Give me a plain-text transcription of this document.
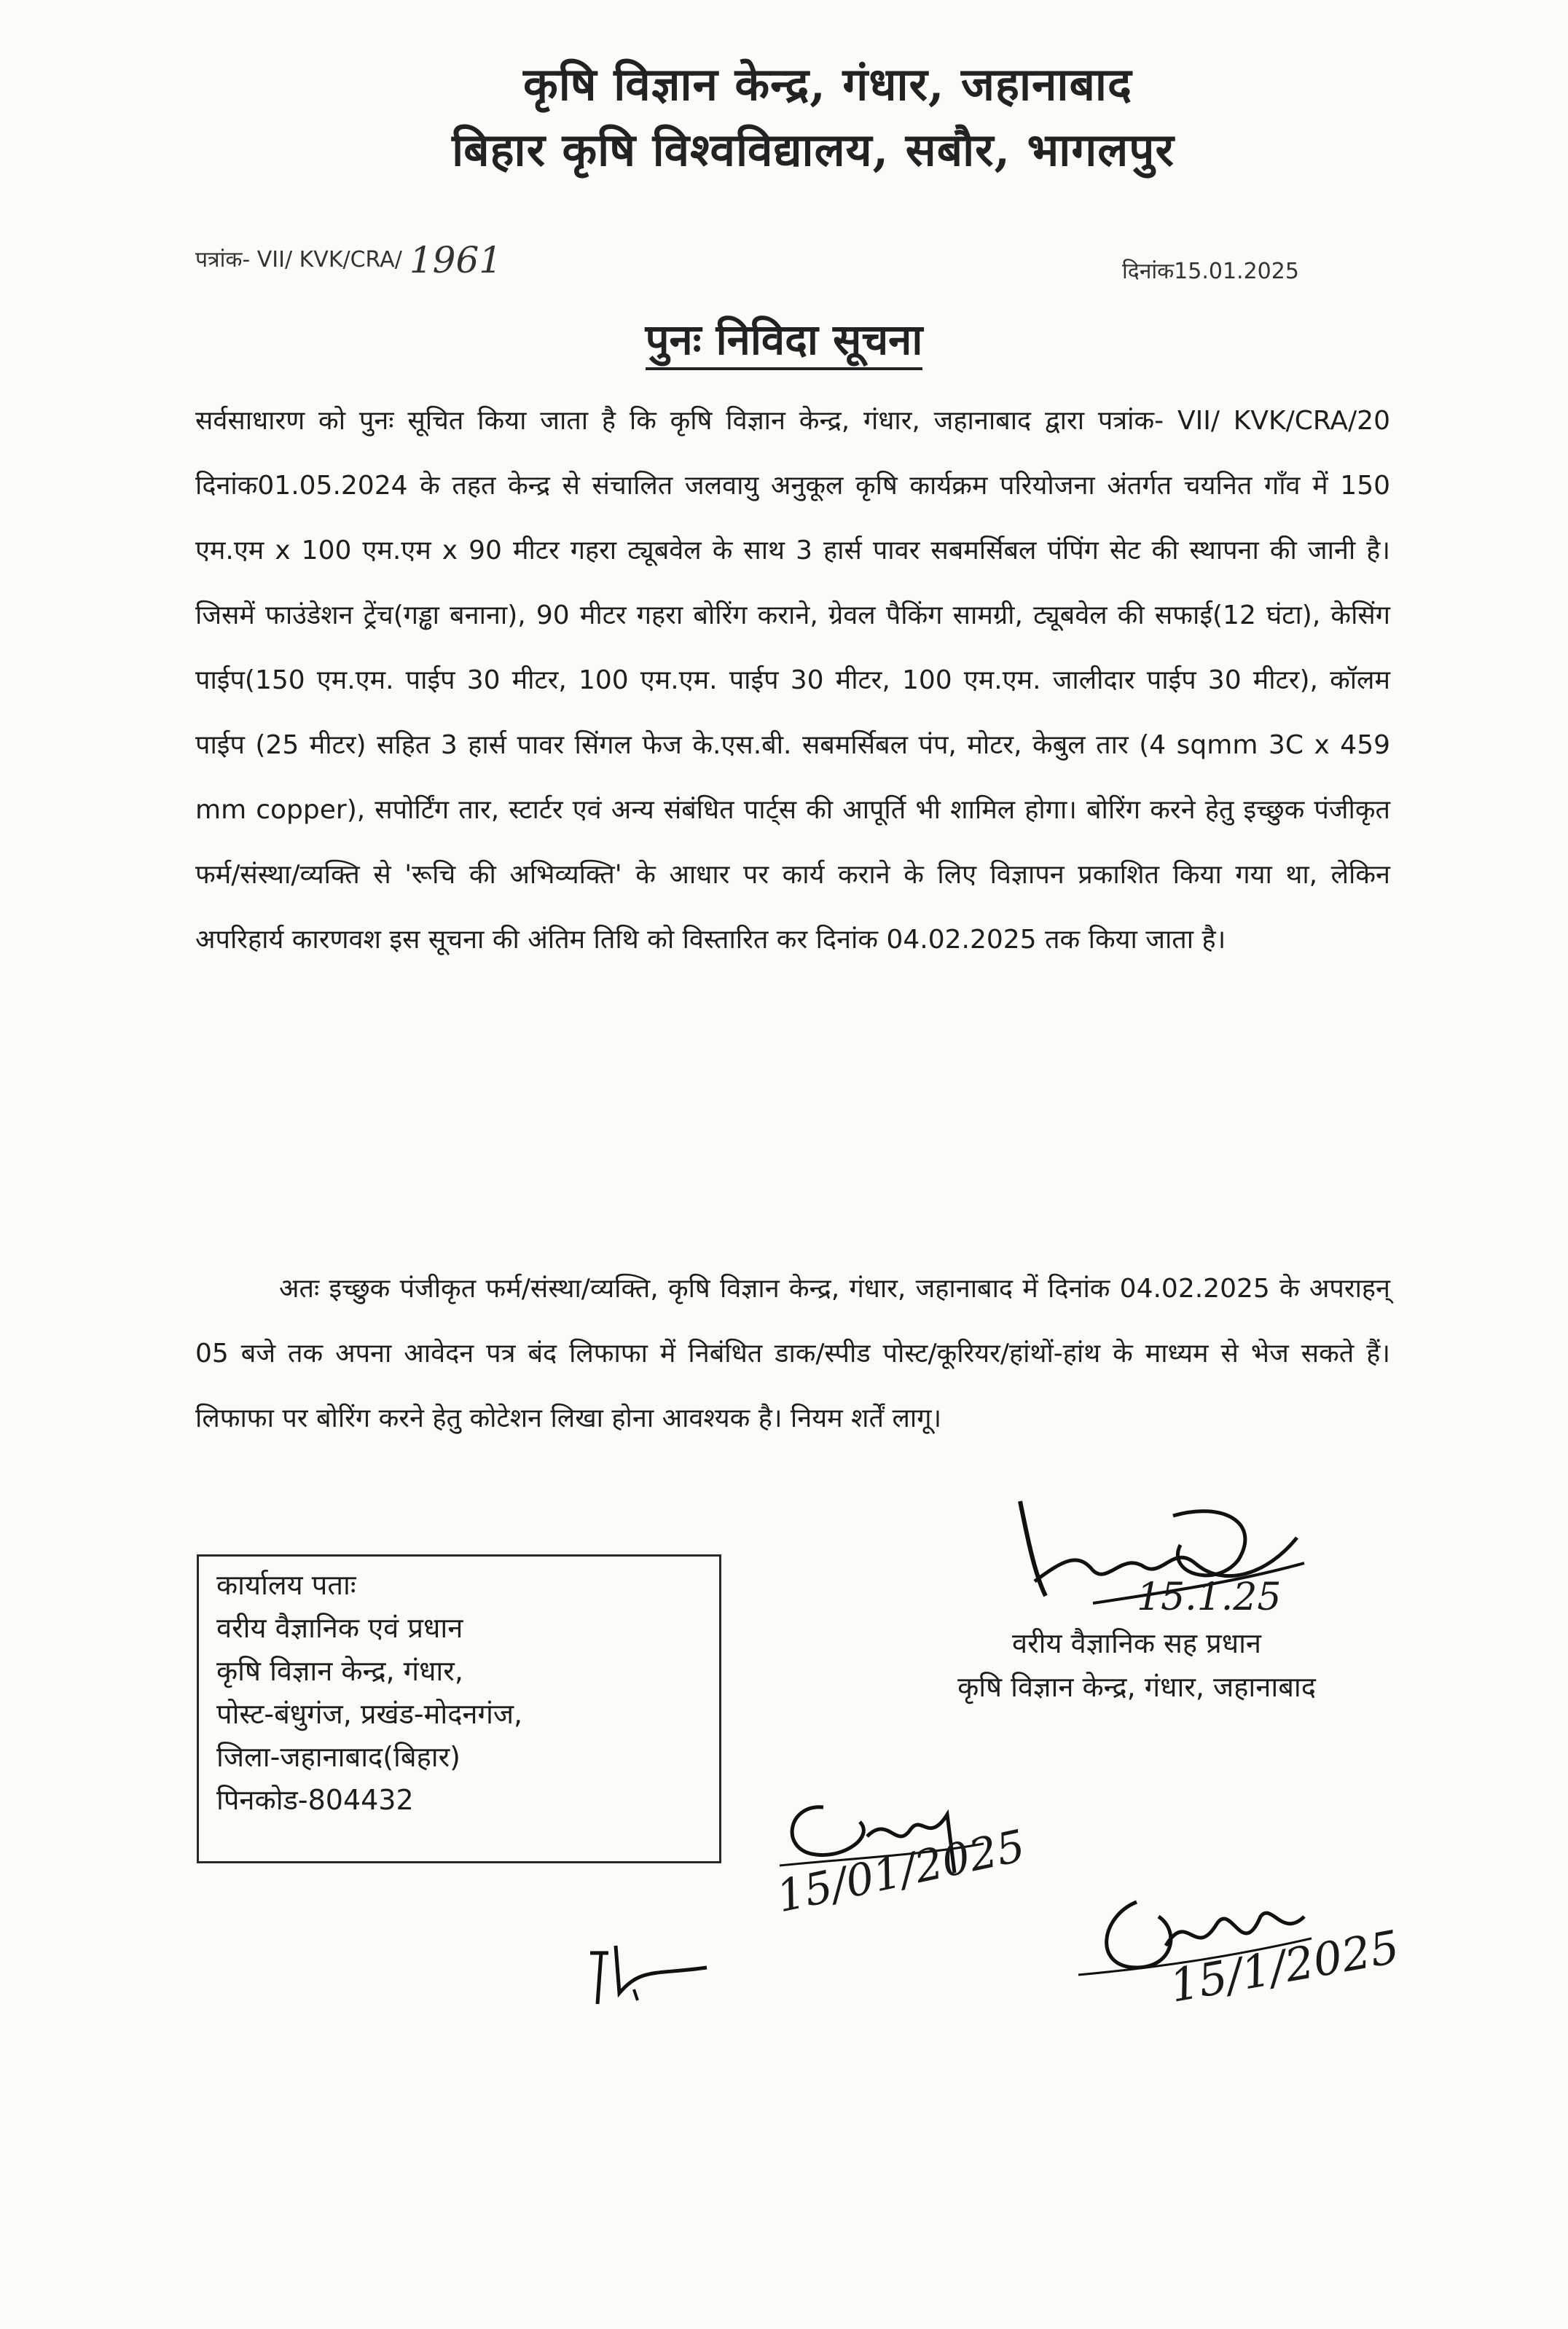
कृषि विज्ञान केन्द्र, गंधार, जहानाबाद
बिहार कृषि विश्वविद्यालय, सबौर, भागलपुर
पत्रांक- VII/ KVK/CRA/ 1961	दिनांक15.01.2025
पुनः निविदा सूचना
सर्वसाधारण को पुनः सूचित किया जाता है कि कृषि विज्ञान केन्द्र, गंधार, जहानाबाद द्वारा पत्रांक- VII/ KVK/CRA/20 दिनांक01.05.2024 के तहत केन्द्र से संचालित जलवायु अनुकूल कृषि कार्यक्रम परियोजना अंतर्गत चयनित गाँव में 150 एम.एम x 100 एम.एम x 90 मीटर गहरा ट्यूबवेल के साथ 3 हार्स पावर सबमर्सिबल पंपिंग सेट की स्थापना की जानी है। जिसमें फाउंडेशन ट्रेंच(गड्ढा बनाना), 90 मीटर गहरा बोरिंग कराने, ग्रेवल पैकिंग सामग्री, ट्यूबवेल की सफाई(12 घंटा), केसिंग पाईप(150 एम.एम. पाईप 30 मीटर, 100 एम.एम. पाईप 30 मीटर, 100 एम.एम. जालीदार पाईप 30 मीटर), कॉलम पाईप (25 मीटर) सहित 3 हार्स पावर सिंगल फेज के.एस.बी. सबमर्सिबल पंप, मोटर, केबुल तार (4 sqmm 3C x 459 mm copper), सपोर्टिंग तार, स्टार्टर एवं अन्य संबंधित पार्ट्स की आपूर्ति भी शामिल होगा। बोरिंग करने हेतु इच्छुक पंजीकृत फर्म/संस्था/व्यक्ति से 'रूचि की अभिव्यक्ति' के आधार पर कार्य कराने के लिए विज्ञापन प्रकाशित किया गया था, लेकिन अपरिहार्य कारणवश इस सूचना की अंतिम तिथि को विस्तारित कर दिनांक 04.02.2025 तक किया जाता है।
अतः इच्छुक पंजीकृत फर्म/संस्था/व्यक्ति, कृषि विज्ञान केन्द्र, गंधार, जहानाबाद में दिनांक 04.02.2025 के अपराहन् 05 बजे तक अपना आवेदन पत्र बंद लिफाफा में निबंधित डाक/स्पीड पोस्ट/कूरियर/हांथों-हांथ के माध्यम से भेज सकते हैं। लिफाफा पर बोरिंग करने हेतु कोटेशन लिखा होना आवश्यक है। नियम शर्तें लागू।
कार्यालय पताः
वरीय वैज्ञानिक एवं प्रधान
कृषि विज्ञान केन्द्र, गंधार,
पोस्ट-बंधुगंज, प्रखंड-मोदनगंज,
जिला-जहानाबाद(बिहार)
पिनकोड-804432
15.1.25
वरीय वैज्ञानिक सह प्रधान
कृषि विज्ञान केन्द्र, गंधार, जहानाबाद
15/01/2025
15/1/2025
